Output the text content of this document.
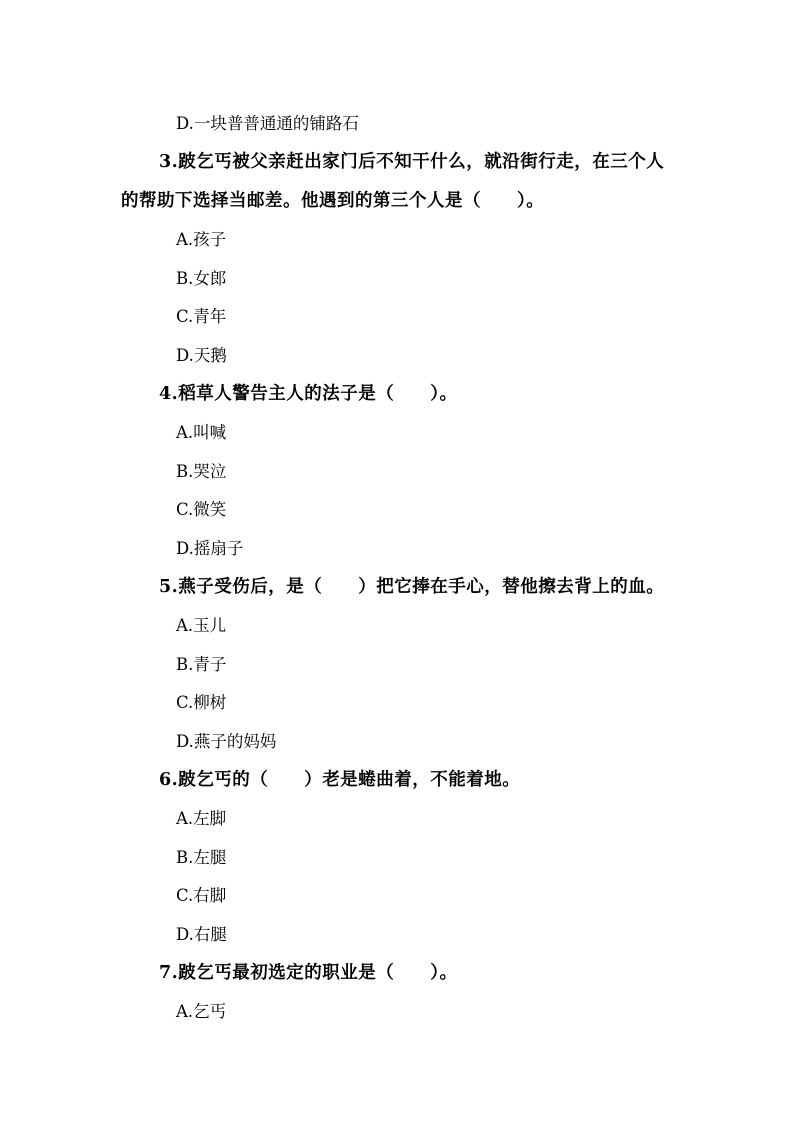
D.一块普普通通的铺路石
3.跛乞丐被父亲赶出家门后不知干什么，就沿街行走，在三个人
的帮助下选择当邮差。他遇到的第三个人是（　　）。
A.孩子
B.女郎
C.青年
D.天鹅
4.稻草人警告主人的法子是（　　）。
A.叫喊
B.哭泣
C.微笑
D.摇扇子
5.燕子受伤后，是（　　）把它捧在手心，替他擦去背上的血。
A.玉儿
B.青子
C.柳树
D.燕子的妈妈
6.跛乞丐的（　　）老是蜷曲着，不能着地。
A.左脚
B.左腿
C.右脚
D.右腿
7.跛乞丐最初选定的职业是（　　）。
A.乞丐
